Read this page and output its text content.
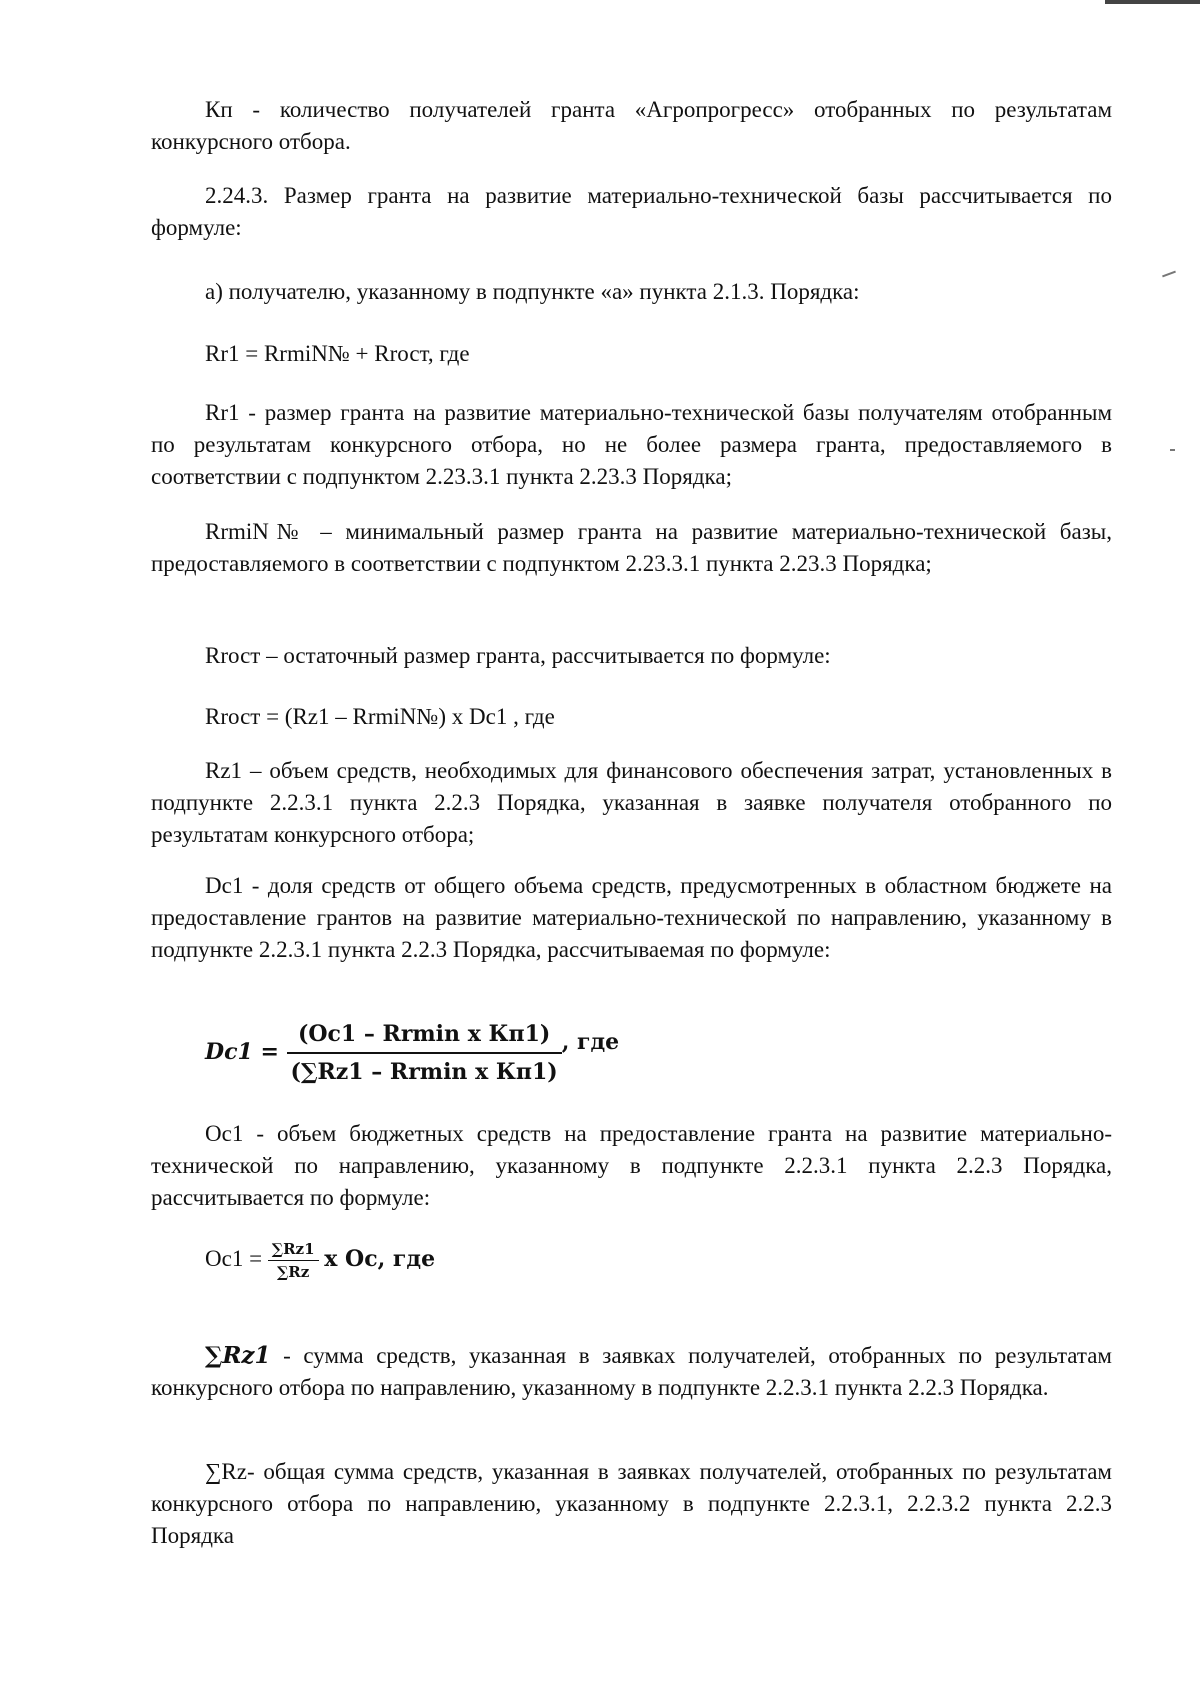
Кп - количество получателей гранта «Агропрогресс» отобранных по результатам конкурсного отбора.
2.24.3. Размер гранта на развитие материально-технической базы рассчитывается по формуле:
а) получателю, указанному в подпункте «а» пункта 2.1.3. Порядка:
Rr1 = RrmiN№ + Rrост, где
Rr1 - размер гранта на развитие материально-технической базы получателям отобранным по результатам конкурсного отбора, но не более размера гранта, предоставляемого в соответствии с подпунктом 2.23.3.1 пункта 2.23.3 Порядка;
RrmiN№ – минимальный размер гранта на развитие материально-технической базы, предоставляемого в соответствии с подпунктом 2.23.3.1 пункта 2.23.3 Порядка;
Rrост – остаточный размер гранта, рассчитывается по формуле:
Rrост = (Rz1 – RrmiN№) x Dc1 , где
Rz1 – объем средств, необходимых для финансового обеспечения затрат, установленных в подпункте 2.2.3.1 пункта 2.2.3 Порядка, указанная в заявке получателя отобранного по результатам конкурсного отбора;
Dc1 - доля средств от общего объема средств, предусмотренных в областном бюджете на предоставление грантов на развитие материально-технической по направлению, указанному в подпункте 2.2.3.1 пункта 2.2.3 Порядка, рассчитываемая по формуле:
$Dc1 = \frac{\text{(Oc1 – Rrmin x Кп1)}}{\text{(∑Rz1 – Rrmin x Кп1)}}$ , где
Oc1 - объем бюджетных средств на предоставление гранта на развитие материально-технической по направлению, указанному в подпункте 2.2.3.1 пункта 2.2.3 Порядка, рассчитывается по формуле:
$Oc1 = \frac{\sum Rz1}{\sum Rz}$ x Oc, где
∑Rz1 - сумма средств, указанная в заявках получателей, отобранных по результатам конкурсного отбора по направлению, указанному в подпункте 2.2.3.1 пункта 2.2.3 Порядка.
∑Rz- общая сумма средств, указанная в заявках получателей, отобранных по результатам конкурсного отбора по направлению, указанному в подпункте 2.2.3.1, 2.2.3.2 пункта 2.2.3 Порядка
